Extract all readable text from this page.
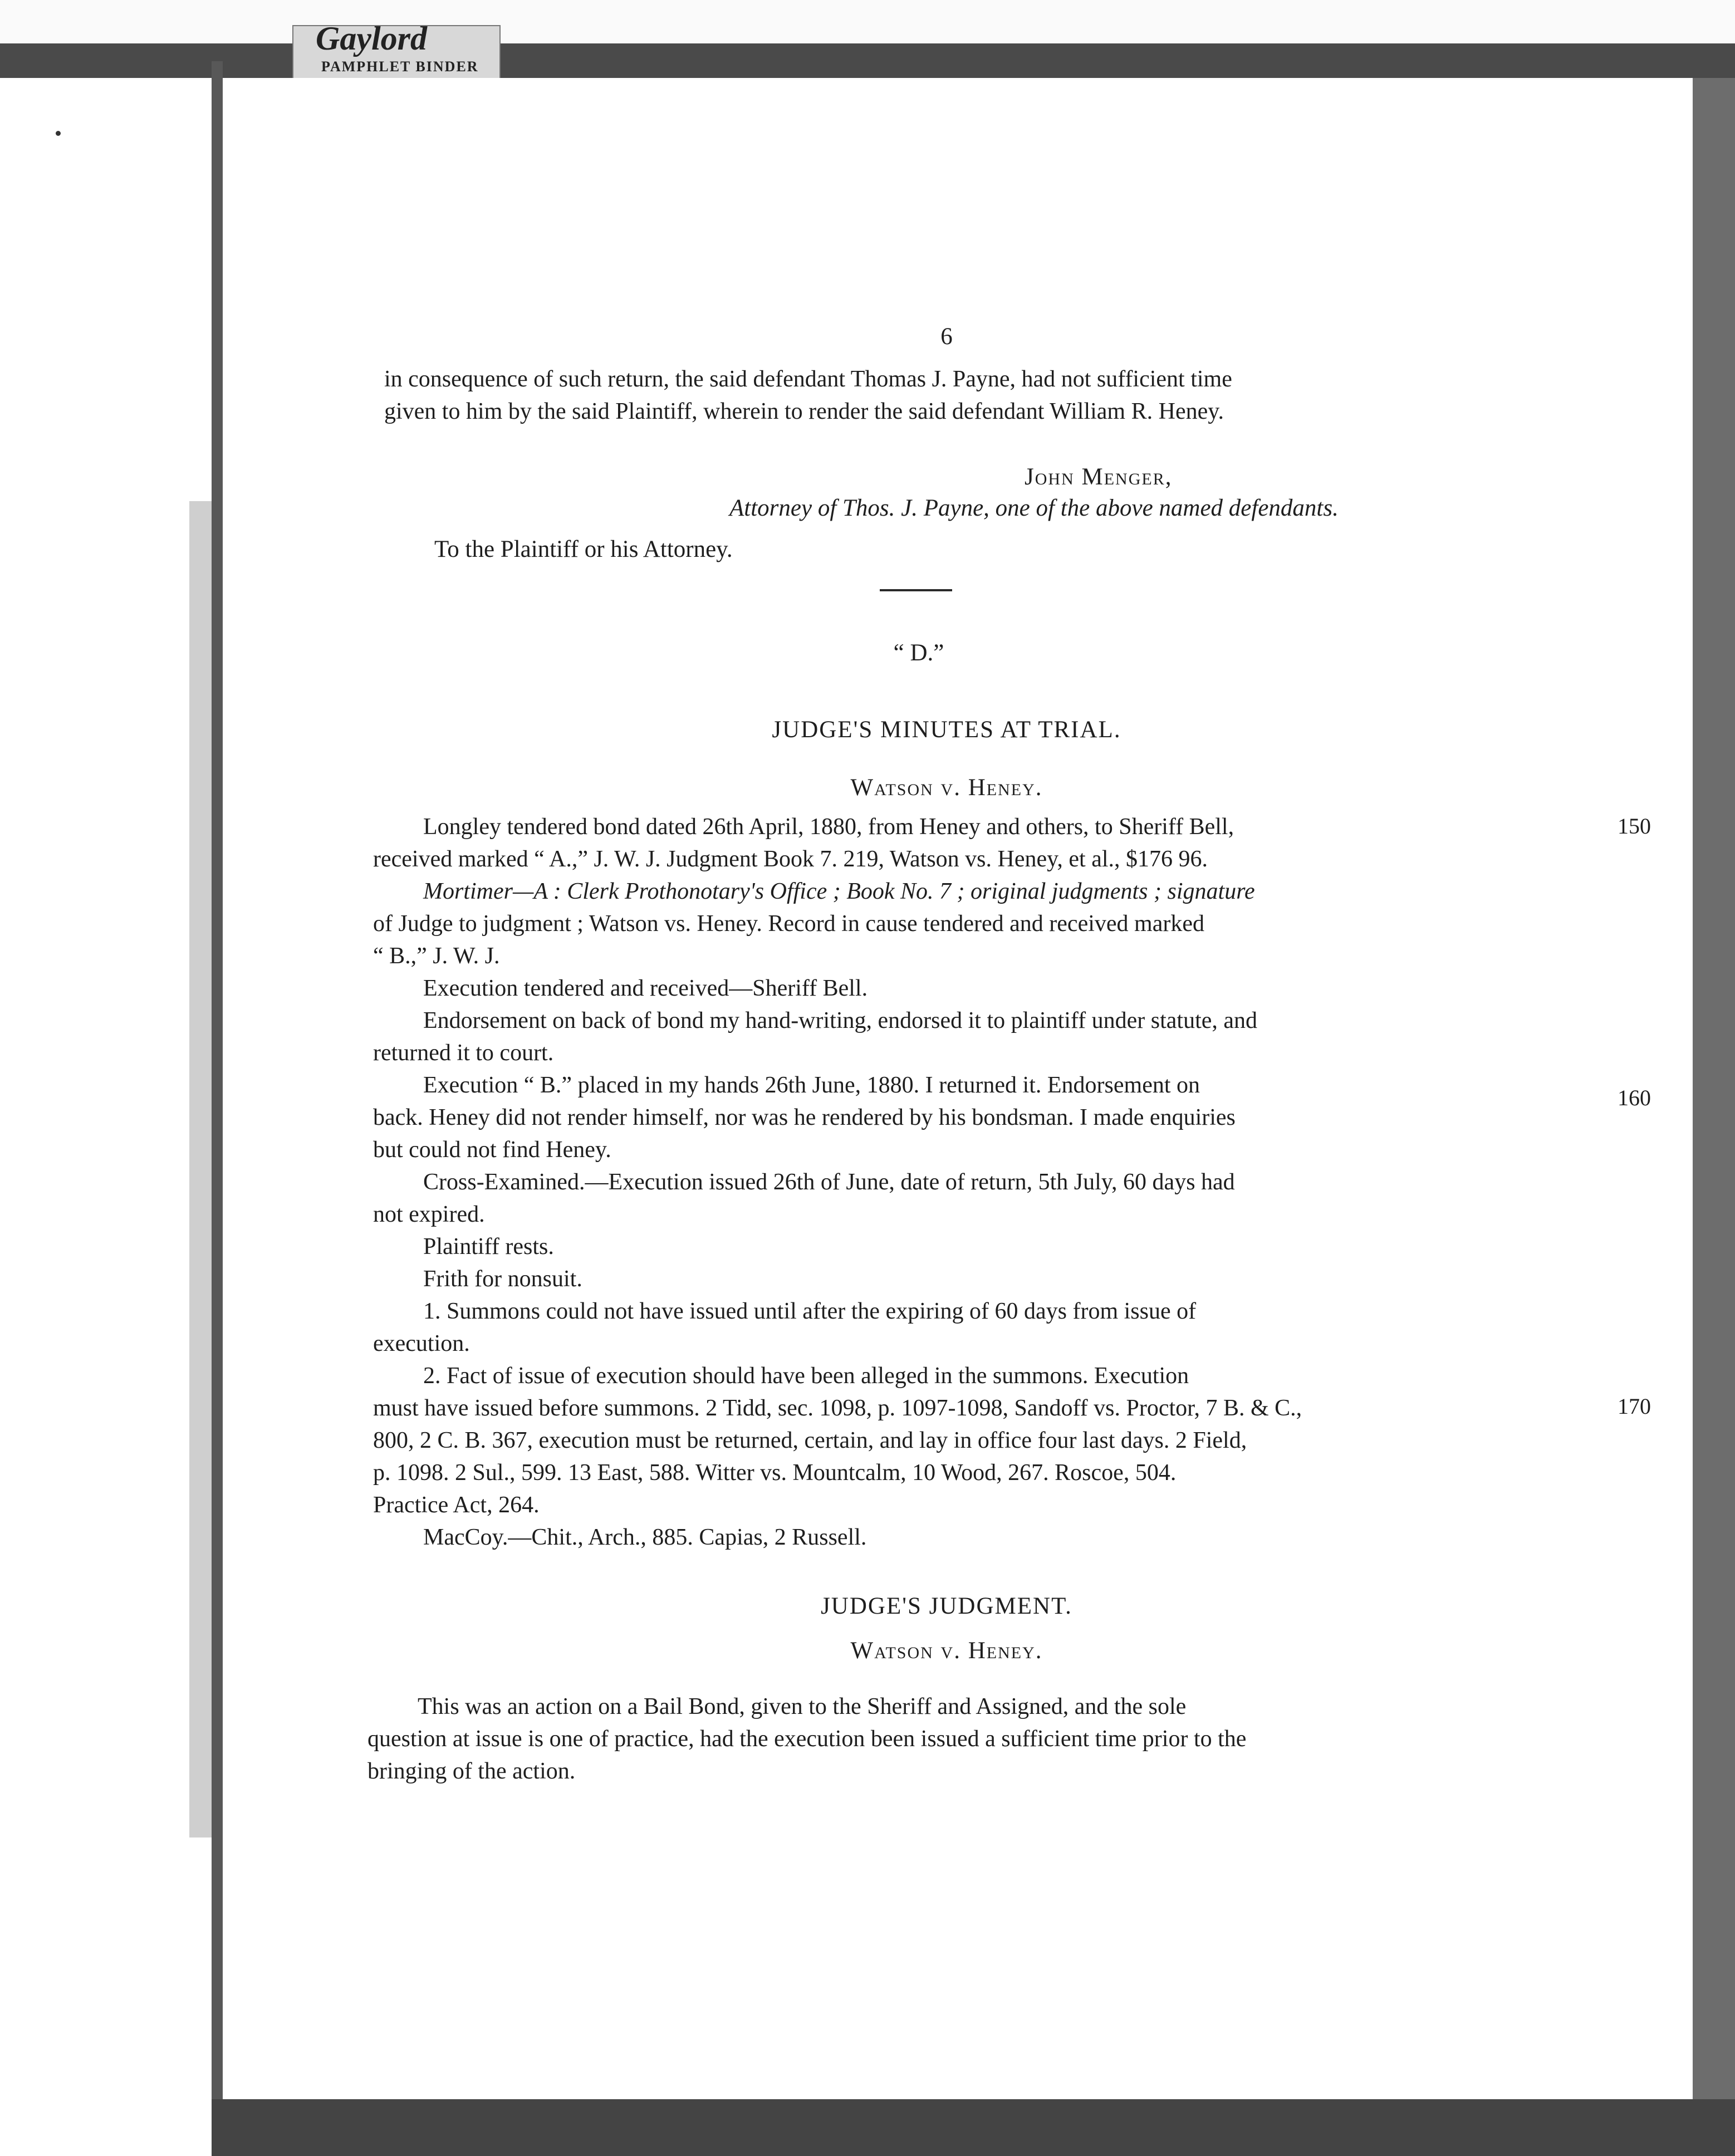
Gaylord
PAMPHLET BINDER
6

in consequence of such return, the said defendant Thomas J. Payne, had not sufficient time

given to him by the said Plaintiff, wherein to render the said defendant William R. Heney.

John Menger,
Attorney of Thos. J. Payne, one of the above named defendants.
To the Plaintiff or his Attorney.
“ D.”
JUDGE'S MINUTES AT TRIAL.
Watson v. Heney.

Longley tendered bond dated 26th April, 1880, from Heney and others, to Sheriff Bell,

received marked “ A.,” J. W. J. Judgment Book 7. 219, Watson vs. Heney, et al., $176 96.

Mortimer—A : Clerk Prothonotary's Office ; Book No. 7 ; original judgments ; signature

of Judge to judgment ; Watson vs. Heney. Record in cause tendered and received marked

“ B.,” J. W. J.

Execution tendered and received—Sheriff Bell.

Endorsement on back of bond my hand-writing, endorsed it to plaintiff under statute, and

returned it to court.

Execution “ B.” placed in my hands 26th June, 1880. I returned it. Endorsement on

back. Heney did not render himself, nor was he rendered by his bondsman. I made enquiries

but could not find Heney.

Cross-Examined.—Execution issued 26th of June, date of return, 5th July, 60 days had

not expired.

Plaintiff rests.

Frith for nonsuit.

1. Summons could not have issued until after the expiring of 60 days from issue of

execution.

2. Fact of issue of execution should have been alleged in the summons. Execution

must have issued before summons. 2 Tidd, sec. 1098, p. 1097-1098, Sandoff vs. Proctor, 7 B. & C.,

800, 2 C. B. 367, execution must be returned, certain, and lay in office four last days. 2 Field,

p. 1098. 2 Sul., 599. 13 East, 588. Witter vs. Mountcalm, 10 Wood, 267. Roscoe, 504.

Practice Act, 264.

MacCoy.—Chit., Arch., 885. Capias, 2 Russell.

150
160
170
JUDGE'S JUDGMENT.
Watson v. Heney.

This was an action on a Bail Bond, given to the Sheriff and Assigned, and the sole

question at issue is one of practice, had the execution been issued a sufficient time prior to the

bringing of the action.
